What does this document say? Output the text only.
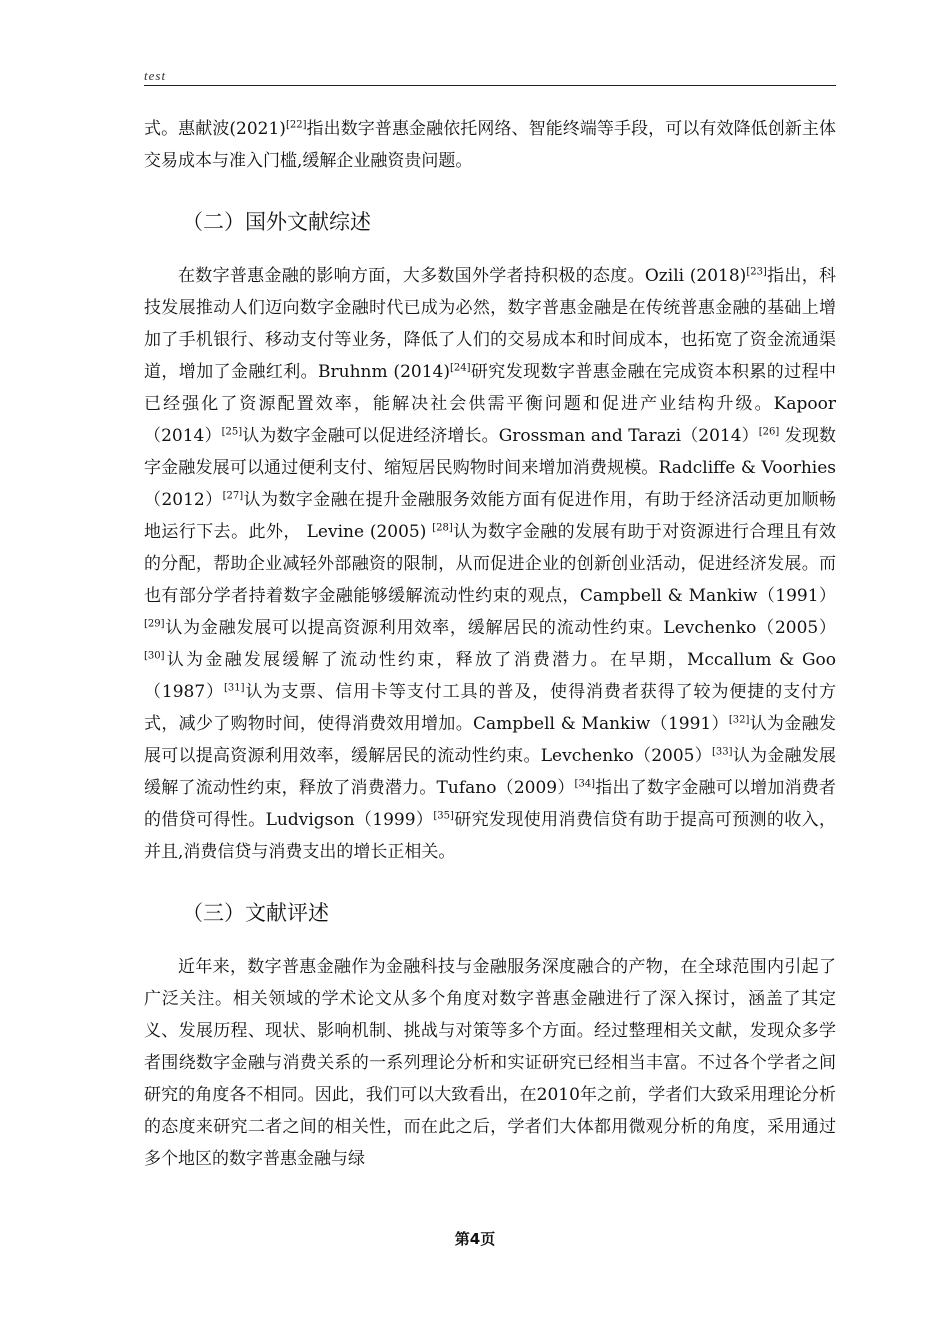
test

式。惠献波(2021)[22]指出数字普惠金融依托网络、智能终端等手段，可以有效降低创新主体交易成本与准入门槛,缓解企业融资贵问题。

（二）国外文献综述

在数字普惠金融的影响方面，大多数国外学者持积极的态度。Ozili (2018)[23]指出，科技发展推动人们迈向数字金融时代已成为必然，数字普惠金融是在传统普惠金融的基础上增加了手机银行、移动支付等业务，降低了人们的交易成本和时间成本，也拓宽了资金流通渠道，增加了金融红利。Bruhnm (2014)[24]研究发现数字普惠金融在完成资本积累的过程中已经强化了资源配置效率，能解决社会供需平衡问题和促进产业结构升级。Kapoor（2014）[25]认为数字金融可以促进经济增长。Grossman and Tarazi（2014）[26] 发现数字金融发展可以通过便利支付、缩短居民购物时间来增加消费规模。Radcliffe & Voorhies（2012）[27]认为数字金融在提升金融服务效能方面有促进作用，有助于经济活动更加顺畅地运行下去。此外， Levine (2005) [28]认为数字金融的发展有助于对资源进行合理且有效的分配，帮助企业减轻外部融资的限制，从而促进企业的创新创业活动，促进经济发展。而也有部分学者持着数字金融能够缓解流动性约束的观点，Campbell & Mankiw（1991）[29]认为金融发展可以提高资源利用效率，缓解居民的流动性约束。Levchenko（2005） [30]认为金融发展缓解了流动性约束，释放了消费潜力。在早期，Mccallum & Goo（1987）[31]认为支票、信用卡等支付工具的普及，使得消费者获得了较为便捷的支付方式，减少了购物时间，使得消费效用增加。Campbell & Mankiw（1991）[32]认为金融发展可以提高资源利用效率，缓解居民的流动性约束。Levchenko（2005）[33]认为金融发展缓解了流动性约束，释放了消费潜力。Tufano（2009）[34]指出了数字金融可以增加消费者的借贷可得性。Ludvigson（1999）[35]研究发现使用消费信贷有助于提高可预测的收入，并且,消费信贷与消费支出的增长正相关。

（三）文献评述

近年来，数字普惠金融作为金融科技与金融服务深度融合的产物，在全球范围内引起了广泛关注。相关领域的学术论文从多个角度对数字普惠金融进行了深入探讨，涵盖了其定义、发展历程、现状、影响机制、挑战与对策等多个方面。经过整理相关文献，发现众多学者围绕数字金融与消费关系的一系列理论分析和实证研究已经相当丰富。不过各个学者之间研究的角度各不相同。因此，我们可以大致看出，在2010年之前，学者们大致采用理论分析的态度来研究二者之间的相关性，而在此之后，学者们大体都用微观分析的角度，采用通过多个地区的数字普惠金融与绿

第4页
